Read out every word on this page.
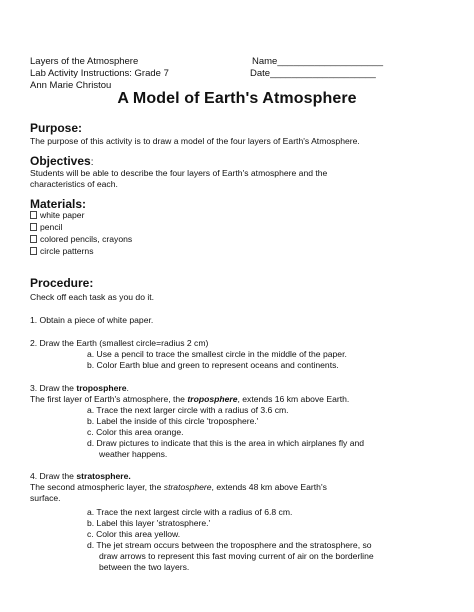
Layers of the Atmosphere
Lab Activity Instructions: Grade 7
Ann Marie Christou
Name____________________
Date____________________
A Model of Earth's Atmosphere
Purpose:
The purpose of this activity is to draw a model of the four layers of Earth's Atmosphere.
Objectives:
Students will be able to describe the four layers of Earth's atmosphere and the
characteristics of each.
Materials:
white paper
pencil
colored pencils, crayons
circle patterns
Procedure:
Check off each task as you do it.
1. Obtain a piece of white paper.
2. Draw the Earth (smallest circle=radius 2 cm)
a. Use a pencil to trace the smallest circle in the middle of the paper.
b. Color Earth blue and green to represent oceans and continents.
3. Draw the troposphere.
The first layer of Earth's atmosphere, the troposphere, extends 16 km above Earth.
a. Trace the next larger circle with a radius of 3.6 cm.
b. Label the inside of this circle 'troposphere.'
c. Color this area orange.
d. Draw pictures to indicate that this is the area in which airplanes fly and
weather happens.
4. Draw the stratosphere.
The second atmospheric layer, the stratosphere, extends 48 km above Earth's
surface.
a. Trace the next largest circle with a radius of 6.8 cm.
b. Label this layer 'stratosphere.'
c. Color this area yellow.
d. The jet stream occurs between the troposphere and the stratosphere, so
draw arrows to represent this fast moving current of air on the borderline
between the two layers.
